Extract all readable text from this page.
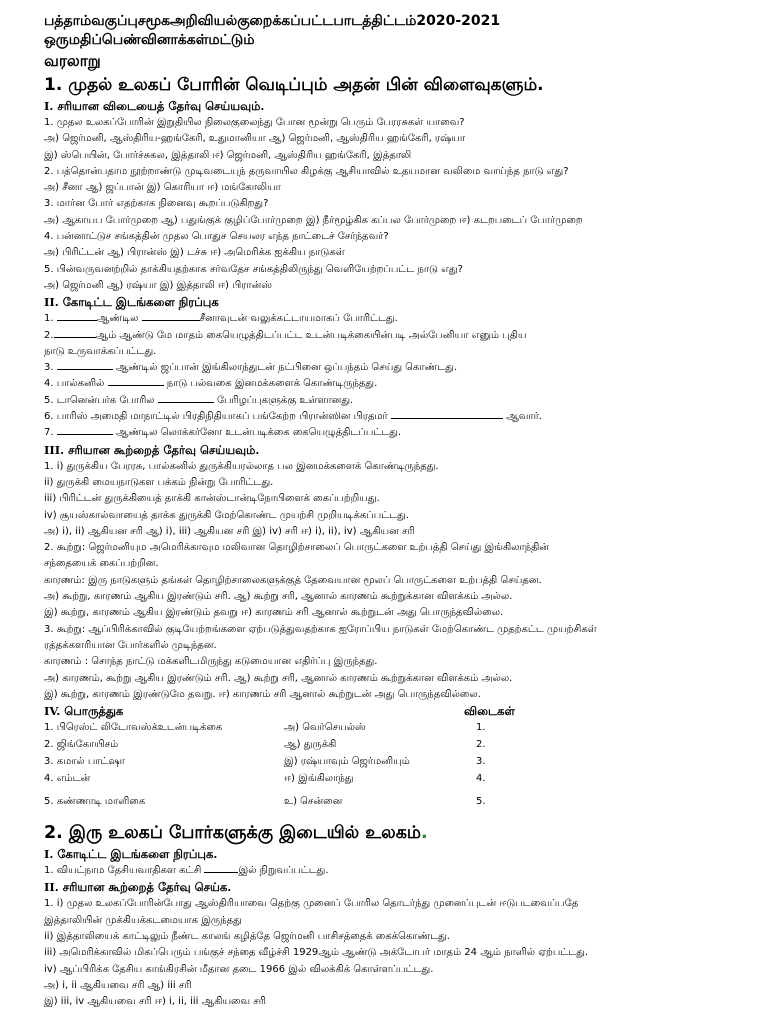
பத்தாம்வகுப்புசமூகஅறிவியல்குறைக்கப்பட்டபாடத்திட்டம்2020-2021
ஒருமதிப்பெண்வினாக்கள்மட்டும்
வரலாறு
1. முதல் உலகப் போரின் வெடிப்பும் அதன் பின் விளைவுகளும்.
I. சரியான விடையைத் தேர்வு செய்யவும்.
1. முதல உலகப்போரின் இறுதியில நிலைகுலைந்து போன மூன்று பெரும் பேரரசுகள் யாவை?
அ) ஜெர்மனி, ஆஸ்திரிய-ஹங்கேரி, உதுமானியா ஆ) ஜெர்மனி, ஆஸ்திரிய ஹங்கேரி, ரஷ்யா
இ) ஸ்பெயின், போர்ச்சுகல, இத்தாலி ஈ) ஜெர்மனி, ஆஸ்திரிய ஹங்கேரி, இத்தாலி
2. பத்தொன்பதாம நூற்றாண்டு முடிவடையுந் தருவாயில கிழக்கு ஆசியாவில் உதயமான வலிமை வாய்ந்த நாடு எது?
அ) சீனா ஆ) ஜப்பான் இ) கொரியா ஈ) மங்கோலியா
3. மார்ன போர் எதற்காக நினைவு கூறப்படுகிறது?
அ) ஆகாயப போர்முறை ஆ) பதுங்குக் குழிப்போர்முறை இ) நீர்மூழ்கிக கப்பல போர்முறை ஈ) கடறபடைப் போர்முறை
4. பன்னாட்டுச சங்கத்தின் முதல பொதுச செயலர எந்த நாட்டைச் சேர்ந்தவர்?
அ) பிரிட்டன் ஆ) பிரான்ஸ் இ) டச்சு ஈ) அமெரிக்க ஐக்கிய நாடுகள்
5. பின்வருவனற்றில் தாக்கியதற்காக சர்வதேச சங்கத்திலிருந்து வெளியேற்றப்பட்ட நாடு எது?
அ) ஜெர்மனி ஆ) ரஷ்யா இ) இத்தாலி ஈ) பிரான்ஸ்
II. கோடிட்ட இடங்களை நிரப்புக
1.	ஆண்டில	சீனாவுடன் வலுக்கட்டாயமாகப் போரிட்டது.
2.	ஆம் ஆண்டு மே மாதம் கையெழுத்திடப்பட்ட உடன்படிக்கையின்படி அல்பேனியா எனும் புதிய
நாடு உருவாக்கப்பட்டது.
3.	ஆண்டில் ஜப்பான் இங்கிலாந்துடன் நட்பினை ஒப்பந்தம் செய்து கொண்டது.
4. பால்கனில்	நாடு பல்வகை இனமக்களைக் கொண்டிருந்தது.
5. டானென்பர்க போரில	பேரிழப்புகளுக்கு உள்ளானது.
6. பாரிஸ் அமைதி மாநாட்டில் பிரதிநிதியாகப் பங்கேற்ற பிரான்ஸின பிரதமர்	ஆவார்.
7.	ஆண்டில லொக்கர்னோ உடன்படிக்கை கையெழுத்திடப்பட்டது.
III. சரியான கூற்றைத் தேர்வு செய்யவும்.
1. i) துருக்கிய பேரரசு, பால்கனில் துருக்கியரல்லாத பல இனமக்களைக் கொண்டிருந்தது.
ii) துருக்கி மையநாடுகள பக்கம் நின்று போரிட்டது.
iii) பிரிட்டன் துருக்கியைத் தாக்கி கான்ஸ்டான்டிநோபிளைக் கைப்பற்றியது.
iv) சூயஸ்கால்வாயைத் தாக்க துருக்கி மேற்கொண்ட முயற்சி முறியடிக்கப்பட்டது.
அ) i), ii) ஆகியன சரி ஆ) i), iii) ஆகியன சரி இ) iv) சரி ஈ) i), ii), iv) ஆகியன சரி
2. கூற்று: ஜெர்மனியும அமெரிக்காவும மலிவான தொழிற்சாலைப் பொருட்களை உற்பத்தி செய்து இங்கிலாந்தின்
சந்தையைக் கைப்பற்றின.
காரணம்: இரு நாடுகளும் தங்கள் தொழிற்சாலைகளுக்குத் தேவையான மூலப் பொருட்களை உற்பத்தி செய்தன.
அ) கூற்று, காரணம் ஆகிய இரண்டும் சரி. ஆ) கூற்று சரி, ஆனால் காரணம் கூற்றுக்கான விளக்கம் அல்ல.
இ) கூற்று, காரணம் ஆகிய இரண்டும் தவறு ஈ) காரணம் சரி ஆனால் கூற்றுடன் அது பொருந்தவில்லை.
3. கூற்று: ஆப்பிரிக்காவில் குடியேற்றங்களை ஏற்படுத்துவதற்காக ஐரோப்பிய நாடுகள் மேற்கொண்ட முதற்கட்ட முயற்சிகள்
ரத்தக்களரியான போர்களில் முடிந்தன.
காரணம் : சொந்த நாட்டு மக்களிடமிருந்து கடுமையான எதிர்ப்பு இருந்தது.
அ) காரணம், கூற்று ஆகிய இரண்டும் சரி. ஆ) கூற்று சரி, ஆனால் காரணம் கூற்றுக்கான விளக்கம் அல்ல.
இ) கூற்று, காரணம் இரண்டுமே தவறு. ஈ) காரணம் சரி ஆனால் கூற்றுடன் அது பொருந்தவில்லை.
IV. பொருத்துக	விடைகள்
1. பிரெஸ்ட் லிடோவஸ்க்உடன்படிக்கை	அ) வெர்செயல்ஸ்	1.
2. ஜிங்கோயிசம்	ஆ) துருக்கி	2.
3. கமால் பாட்ஷா	இ) ரஷ்யாவும் ஜெர்மனியும்	3.
4. எம்டன்	ஈ) இங்கிலாந்து	4.
5. கண்ணாடி மாளிகை	உ) சென்னை	5.
2. இரு உலகப் போர்களுக்கு இடையில் உலகம்.
I. கோடிட்ட இடங்களை நிரப்புக.
1. வியட்நாம தேசியவாதிகள கட்சி	இல் நிறுவப்பட்டது.
II. சரியான கூற்றைத் தேர்வு செய்க.
1. i) முதல உலகப்போரின்போது ஆஸ்திரியாவை தெற்கு முனைப் போரில தொடர்ந்து முனைப்புடன் ஈடுபடவைப்பதே
இத்தாலியின் முக்கியக்கடமையாக இருந்தது
ii) இத்தாலியைக் காட்டிலும் நீண்ட காலங் கழித்தே ஜெர்மனி பாசிசத்தைக் கைக்கொண்டது.
iii) அமெரிக்காவில் மிகப்பெரும் பங்குச் சந்தை வீழ்ச்சி 1929ஆம் ஆண்டு அக்டோபர் மாதம் 24 ஆம் நாளில் ஏற்பட்டது.
iv) ஆப்பிரிக்க தேசிய காங்கிரசின் மீதான தடை 1966 இல் விலக்கிக் கொள்ளப்பட்டது.
அ) i, ii ஆகியவை சரி ஆ) iii சரி
இ) iii, iv ஆகியவை சரி ஈ) i, ii, iii ஆகியவை சரி
